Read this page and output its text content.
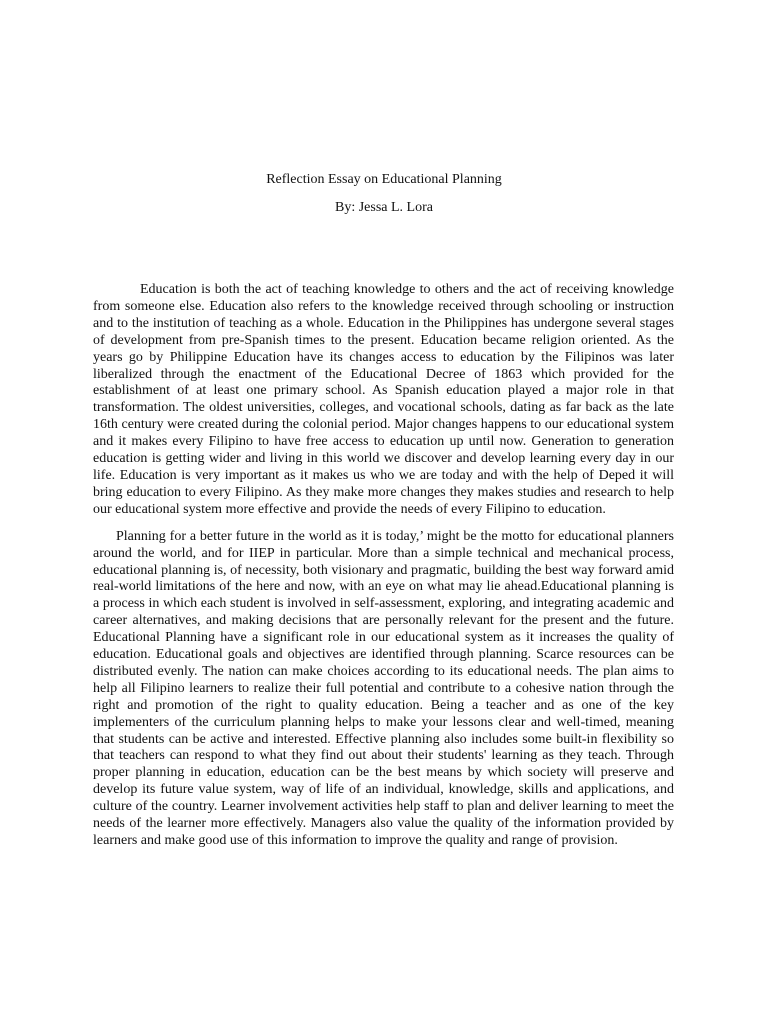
Reflection Essay on Educational Planning
By: Jessa L. Lora

Education is both the act of teaching knowledge to others and the act of receiving knowledge from someone else. Education also refers to the knowledge received through schooling or instruction and to the institution of teaching as a whole. Education in the Philippines has undergone several stages of development from pre-Spanish times to the present. Education became religion oriented. As the years go by Philippine Education have its changes access to education by the Filipinos was later liberalized through the enactment of the Educational Decree of 1863 which provided for the establishment of at least one primary school. As Spanish education played a major role in that transformation. The oldest universities, colleges, and vocational schools, dating as far back as the late 16th century were created during the colonial period. Major changes happens to our educational system and it makes every Filipino to have free access to education up until now. Generation to generation education is getting wider and living in this world we discover and develop learning every day in our life. Education is very important as it makes us who we are today and with the help of Deped it will bring education to every Filipino. As they make more changes they makes studies and research to help our educational system more effective and provide the needs of every Filipino to education.

Planning for a better future in the world as it is today,’ might be the motto for educational planners around the world, and for IIEP in particular. More than a simple technical and mechanical process, educational planning is, of necessity, both visionary and pragmatic, building the best way forward amid real-world limitations of the here and now, with an eye on what may lie ahead.Educational planning is a process in which each student is involved in self-assessment, exploring, and integrating academic and career alternatives, and making decisions that are personally relevant for the present and the future. Educational Planning have a significant role in our educational system as it increases the quality of education. Educational goals and objectives are identified through planning. Scarce resources can be distributed evenly. The nation can make choices according to its educational needs. The plan aims to help all Filipino learners to realize their full potential and contribute to a cohesive nation through the right and promotion of the right to quality education. Being a teacher and as one of the key implementers of the curriculum planning helps to make your lessons clear and well-timed, meaning that students can be active and interested. Effective planning also includes some built-in flexibility so that teachers can respond to what they find out about their students' learning as they teach. Through proper planning in education, education can be the best means by which society will preserve and develop its future value system, way of life of an individual, knowledge, skills and applications, and culture of the country. Learner involvement activities help staff to plan and deliver learning to meet the needs of the learner more effectively. Managers also value the quality of the information provided by learners and make good use of this information to improve the quality and range of provision.
